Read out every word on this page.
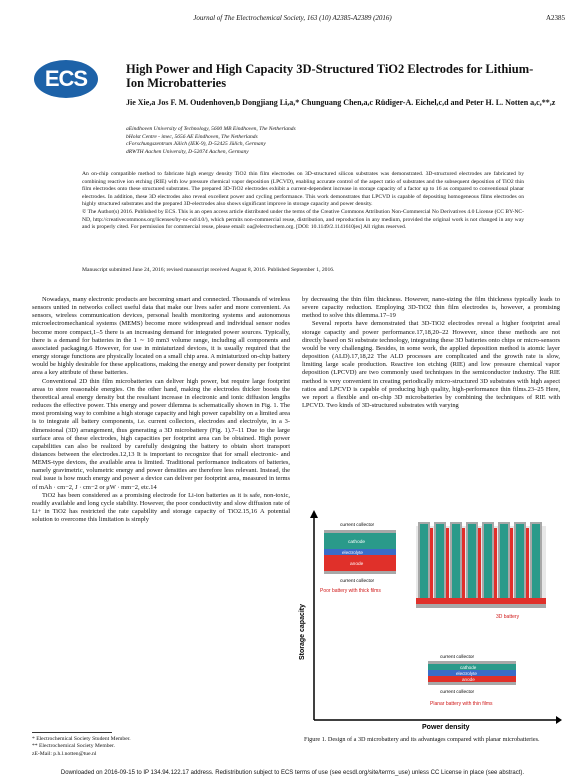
Journal of The Electrochemical Society, 163 (10) A2385-A2389 (2016)	A2385
ECS	High Power and High Capacity 3D-Structured TiO2 Electrodes for Lithium-Ion Microbatteries
Jie Xie,a Jos F. M. Oudenhoven,b Dongjiang Li,a,* Chunguang Chen,a,c Rüdiger-A. Eichel,c,d and Peter H. L. Notten a,c,**,z
aEindhoven University of Technology, 5600 MB Eindhoven, The Netherlands
bHolst Centre - imec, 5656 AE Eindhoven, The Netherlands
cForschungszentrum Jülich (IEK-9), D-52425 Jülich, Germany
dRWTH Aachen University, D-52074 Aachen, Germany

An on-chip compatible method to fabricate high energy density TiO2 thin film electrodes on 3D-structured silicon substrates was demonstrated. 3D-structured electrodes are fabricated by combining reactive ion etching (RIE) with low pressure chemical vapor deposition (LPCVD), enabling accurate control of the aspect ratio of substrates and the subsequent deposition of TiO2 thin film electrodes onto these structured substrates. The prepared 3D-TiO2 electrodes exhibit a current-dependent increase in storage capacity of a factor up to 16 as compared to conventional planar electrodes. In addition, these 3D electrodes also reveal excellent power and cycling performance. This work demonstrates that LPCVD is capable of depositing homogeneous films electrodes on highly structured substrates and the prepared 3D-electrodes also shows significant improve in storage capacity and power density.

© The Author(s) 2016. Published by ECS. This is an open access article distributed under the terms of the Creative Commons Attribution Non-Commercial No Derivatives 4.0 License (CC BY-NC-ND, http://creativecommons.org/licenses/by-nc-nd/4.0/), which permits non-commercial reuse, distribution, and reproduction in any medium, provided the original work is not changed in any way and is properly cited. For permission for commercial reuse, please email: oa@electrochem.org. [DOI: 10.1149/2.1141610jes] All rights reserved.

Manuscript submitted June 24, 2016; revised manuscript received August 8, 2016. Published September 1, 2016.

Nowadays, many electronic products are becoming smart and connected. Thousands of wireless sensors united in networks collect useful data that make our lives safer and more convenient. As sensors, wireless communication devices, personal health monitoring systems and autonomous microelectromechanical systems (MEMS) become more widespread and individual sensor nodes become more compact,1–5 there is an increasing demand for integrated power sources. Typically, there is a demand for batteries in the 1 ∼ 10 mm3 volume range, including all components and associated packaging.6 However, for use in miniaturized devices, it is usually required that the energy storage functions are physically located on a small chip area. A miniaturized on-chip battery would be highly desirable for these applications, making the energy and power density per footprint area a key attribute of these batteries.

Conventional 2D thin film microbatteries can deliver high power, but require large footprint areas to store reasonable energies. On the other hand, making the electrodes thicker boosts the theoretical areal energy density but the resultant increase in electronic and ionic diffusion lengths reduces the effective power. This energy and power dilemma is schematically shown in Fig. 1. The most promising way to combine a high storage capacity and high power capability on a limited area is to integrate all battery components, i.e. current collectors, electrodes and electrolyte, in a 3-dimensional (3D) arrangement, thus generating a 3D microbattery (Fig. 1).7–11 Due to the large surface area of these electrodes, high capacities per footprint area can be obtained. High power capabilities can also be realized by carefully designing the battery to obtain short transport distances between the electrodes.12,13 It is important to recognize that for small electronic- and MEMS-type devices, the available area is limited. Traditional performance indicators of batteries, namely gravimetric, volumetric energy and power densities are therefore less relevant. Instead, the real issue is how much energy and power a device can deliver per footprint area, measured in terms of mAh · cm−2, J · cm−2 or μW · mm−2, etc.14

TiO2 has been considered as a promising electrode for Li-ion batteries as it is safe, non-toxic, readily available and long cycle stability. However, the poor conductivity and slow diffusion rate of Li+ in TiO2 has restricted the rate capability and storage capacity of TiO2.15,16 A potential solution to overcome this limitation is simply

by decreasing the thin film thickness. However, nano-sizing the film thickness typically leads to severe capacity reduction. Employing 3D-TiO2 thin film electrodes is, however, a promising method to solve this dilemma.17–19

Several reports have demonstrated that 3D-TiO2 electrodes reveal a higher footprint areal storage capacity and power performance.17,18,20–22 However, since these methods are not directly based on Si substrate technology, integrating these 3D batteries onto chips or micro-sensors would be very challenging. Besides, in some work, the applied deposition method is atomic layer deposition (ALD).17,18,22 The ALD processes are complicated and the growth rate is slow, limiting large scale production. Reactive ion etching (RIE) and low pressure chemical vapor deposition (LPCVD) are two commonly used techniques in the semiconductor industry. The RIE method is very convenient in creating periodically micro-structured 3D substrates with high aspect ratios and LPCVD is capable of producing high quality, high-performance thin films.23–25 Here, we report a flexible and on-chip 3D microbatteries by combining the techniques of RIE with LPCVD. Two kinds of 3D-structured substrates with varying

Storage capacity
Power density
current collector
cathode
electrolyte
anode
current collector
Poor battery with thick films
3D battery
current collector
cathode
electrolyte
anode
current collector
Planar battery with thin films
Figure 1. Design of a 3D microbattery and its advantages compared with planar microbatteries.
* Electrochemical Society Student Member.
** Electrochemical Society Member.
zE-Mail: p.h.l.notten@tue.nl
Downloaded on 2016-09-15 to IP 134.94.122.17 address. Redistribution subject to ECS terms of use (see ecsdl.org/site/terms_use) unless CC License in place (see abstract).
